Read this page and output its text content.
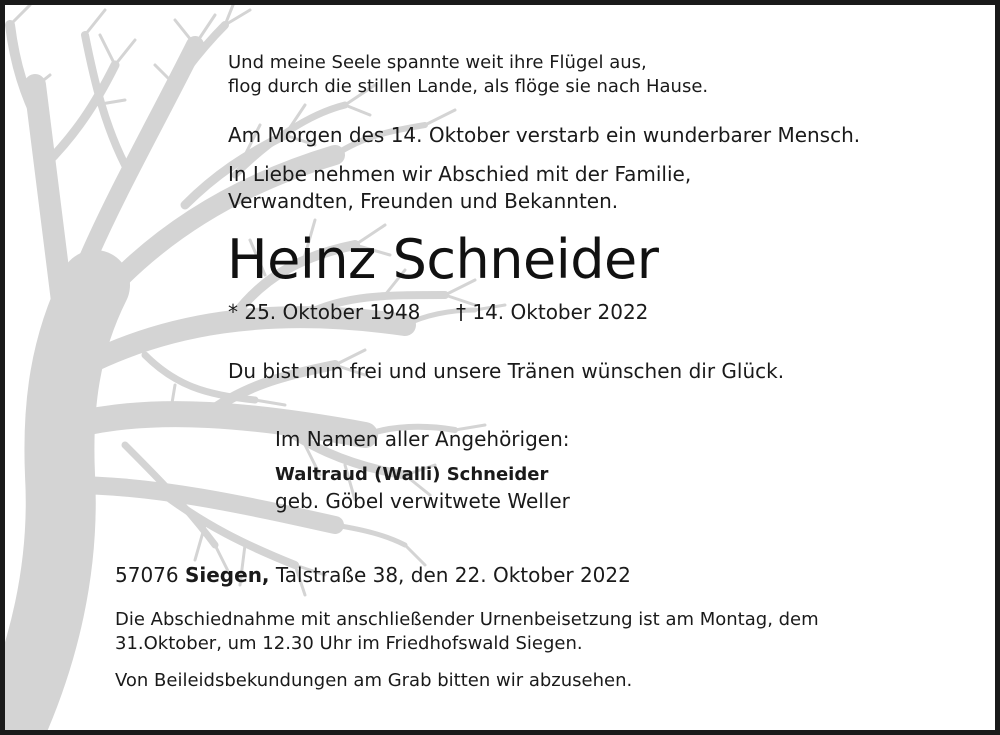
Und meine Seele spannte weit ihre Flügel aus,
flog durch die stillen Lande, als flöge sie nach Hause.
Am Morgen des 14. Oktober verstarb ein wunderbarer Mensch.
In Liebe nehmen wir Abschied mit der Familie,
Verwandten, Freunden und Bekannten.
Heinz Schneider
* 25. Oktober 1948 † 14. Oktober 2022
Du bist nun frei und unsere Tränen wünschen dir Glück.
Im Namen aller Angehörigen:
Waltraud (Walli) Schneider
geb. Göbel verwitwete Weller
57076 Siegen, Talstraße 38, den 22. Oktober 2022
Die Abschiednahme mit anschließender Urnenbeisetzung ist am Montag, dem
31.Oktober, um 12.30 Uhr im Friedhofswald Siegen.
Von Beileidsbekundungen am Grab bitten wir abzusehen.
